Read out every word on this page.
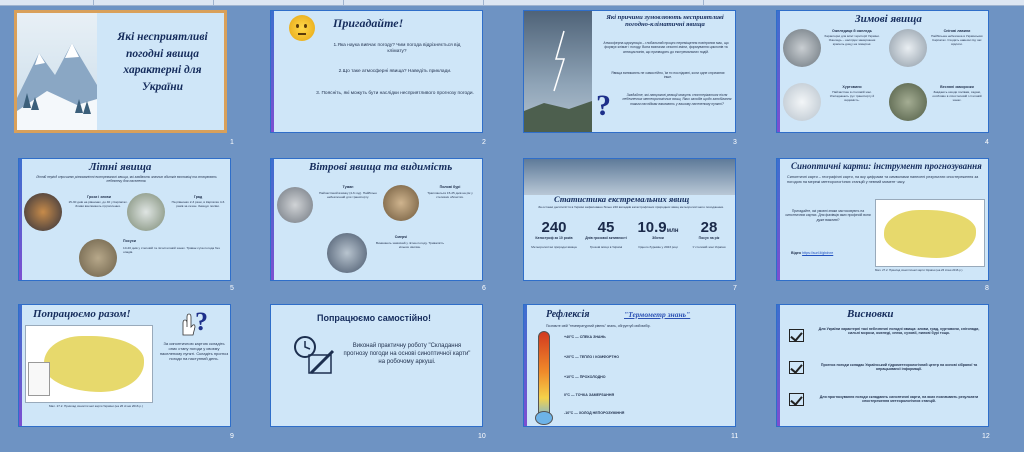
Які несприятливі погодні явища характерні для України
1
Пригадайте!
1.Яка наука вивчає погоду? Чим погода відрізняється від клімату?
2.Що таке атмосферні явища? Наведіть приклади.
3. Поясніть, які можуть бути наслідки несприятливого прогнозу погоди.
2
Які причини зумовлюють несприятливі погодно-кліматичні явища
Атмосферна циркуляція – глобальний процес переміщення повітряних мас, що формує клімат і погоду. Вона визначає сезонні зміни, формування циклонів та антициклонів, що призводять до екстремальних подій.
Явища виникають не самостійно, їм ти послідовні, коли одне спричиняє інше.
?	Згадайте, які ланцюгові реакції можуть спостерігатися після небезпечних метеорологічних явищ. Яких заходів щодо запобігання таким наслідкам вживають у вашому населеному пункті?
3
Зимові явища
Ожеледиця й ожеледь
Характерні для всієї території України. Ожеледь – наслідок замерзання крапель дощу на поверхні.
Снігові лавини
Найбільша небезпека в Українських Карпатах. Сходять навесні під час відлиги.
Хуртовини
Найчастіше в степовій зоні. Ускладнюють рух транспорту й видимість.
Весняні заморозки
Завдають шкоди посівам, садам, особливо в лісостеповій і степовій зонах.
4
Літні явища
Літній період спричиняє різноманітні екстремальні явища, які завдають значних збитків економіці та створюють небезпеку для населення.
Грози і зливи
15-30 днів на рівнинах, до 40 у Карпатах. Зливи викликають підтоплення.
Град
На рівнинах 2-3 рази, в Карпатах 4-6 разів за сезон. Знищує посіви.
Посухи
10-20 днів у степовій та лісостеповій зонах. Триває суха погода без опадів.
5
Вітрові явища та видимість
Туман
Найчастіший взимку (4-6 год). Найбільш небезпечний для транспорту.
Пилові бурі
Трапляються 15-25 днів на рік у степових областях.
Смерчі
Виникають зазвичай у літню погоду. Тривалість кількох хвилин.
6
Статистика екстремальних явищ
За останні десятиліття в Україні зафіксовано більш 240 випадків катастрофічних природних явищ метеорологічного походження.
240
Катастроф за 10 років
Метеорологічні природні явища
45
Днів грозової активності
Грозові місця в Україні
10.9млн
Збитки
Одного буревію у 2023 році
28
Посух на рік
У степовій зоні України
7
Синоптичні карти: інструмент прогнозування
Синоптичні карти – географічні карти, на яку цифрами та символами нанесені результати спостереження за погодою на мережі метеорологічних станцій у певний момент часу.
Пригадайте, які умовні знаки застосовують на синоптичних картах. Для фахівців яких професій вони дуже важливі?
Відео https://surl.li/gbdvre
Мал. 27.2. Приклад синоптичної карти України (на 26 січня 2016 р.)
8
Попрацюємо разом! ?
За синоптичною картою складіть опис стану погоди у своєму населеному пункті. Складіть прогноз погоди на наступний день.
Мал. 27.2. Приклад синоптичної карти України (на 26 січня 2016 р.)
9
Попрацюємо самостійно!
Виконай практичну роботу "Складання прогнозу погоди на основі синоптичної карти" на робочому аркуші.
10
Рефлексія	"Термометр знань"
Позначте свій "температурний рівень" знань, обгрунтуй свій вибір.
+40°C — СПЕКА ЗНАНЬ
+20°C — ТЕПЛО І КОМФОРТНО
+10°C — ПРОХОЛОДНО
0°C — ТОЧКА ЗАМЕРЗАННЯ
-10°C — ХОЛОД НЕПОРОЗУМІННЯ
11
Висновки
Для України характерні такі небезпечні погодні явища: зливи, град, хуртовини, снігопади, сильні морози, ожеледі, спека, суховії, пилові бурі тощо.
Прогноз погоди складає Український гідрометеорологічний центр на основі зібраної та опрацьованої інформації.
Для прогнозування погоди складають синоптичні карти, на яких позначають результати спостереження метеорологічних станцій.
12
